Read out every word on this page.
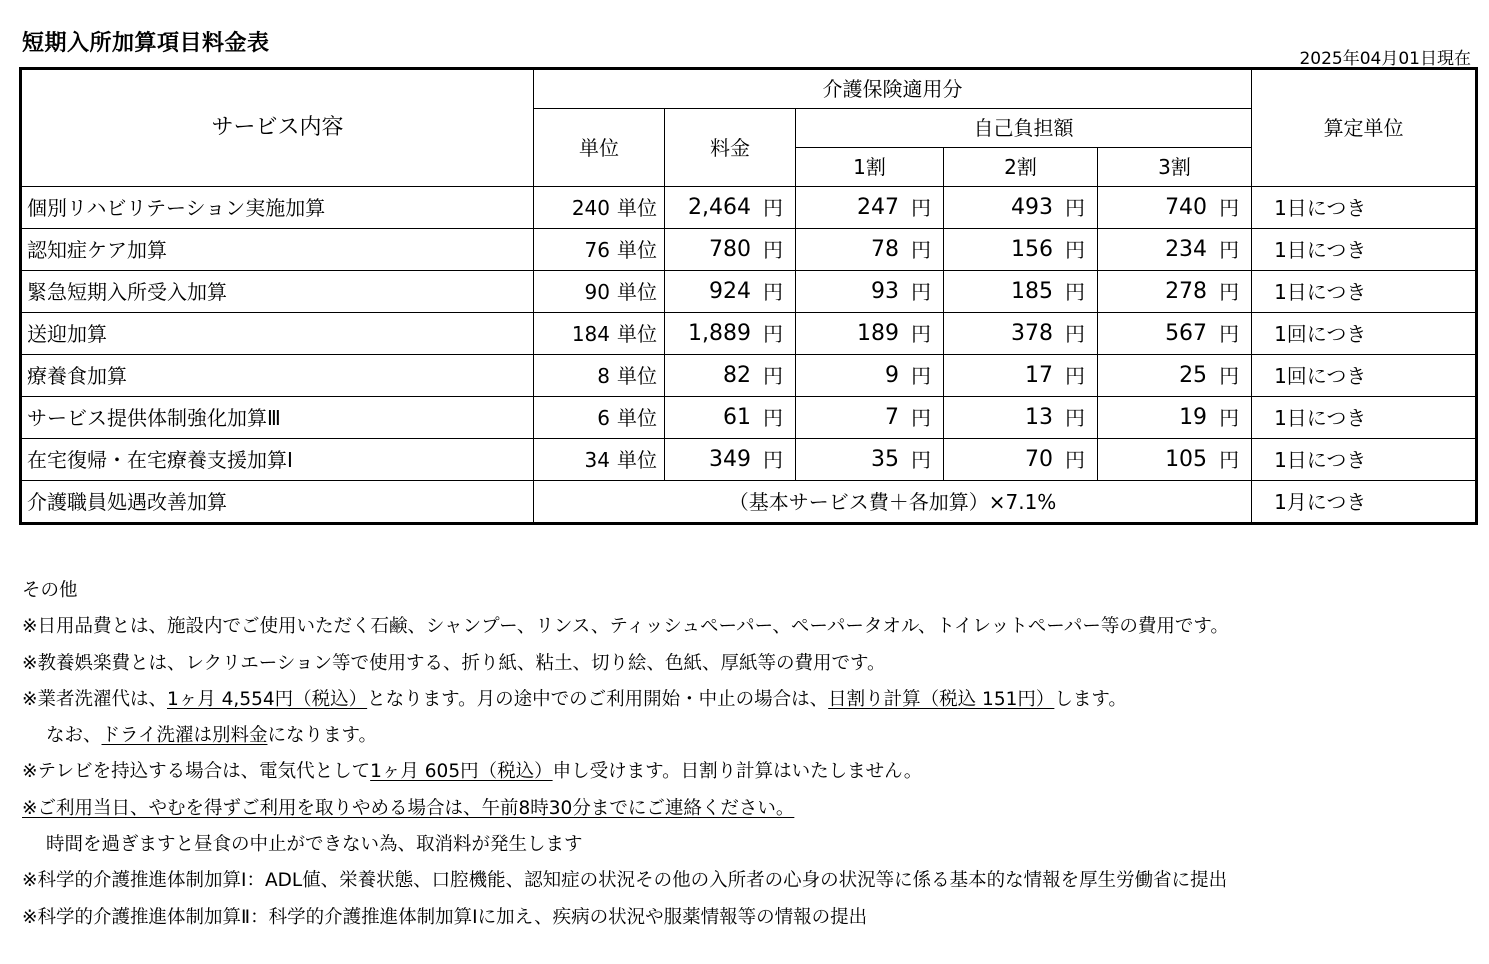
短期入所加算項目料金表
2025年04月01日現在
サービス内容	介護保険適用分					算定単位
	単位	料金	自己負担額			
			1割	2割	3割	
個別リハビリテーション実施加算	240 単位	2,464 円	247 円	493 円	740 円	1日につき
認知症ケア加算	76 単位	780 円	78 円	156 円	234 円	1日につき
緊急短期入所受入加算	90 単位	924 円	93 円	185 円	278 円	1日につき
送迎加算	184 単位	1,889 円	189 円	378 円	567 円	1回につき
療養食加算	8 単位	82 円	9 円	17 円	25 円	1回につき
サービス提供体制強化加算Ⅲ	6 単位	61 円	7 円	13 円	19 円	1日につき
在宅復帰・在宅療養支援加算Ⅰ	34 単位	349 円	35 円	70 円	105 円	1日につき
介護職員処遇改善加算	（基本サービス費＋各加算）×7.1%					1月につき
その他
※日用品費とは、施設内でご使用いただく石鹸、シャンプー、リンス、ティッシュペーパー、ペーパータオル、トイレットペーパー等の費用です。
※教養娯楽費とは、レクリエーション等で使用する、折り紙、粘土、切り絵、色紙、厚紙等の費用です。
※業者洗濯代は、1ヶ月 4,554円（税込）となります。月の途中でのご利用開始・中止の場合は、日割り計算（税込 151円）します。
なお、ドライ洗濯は別料金になります。
※テレビを持込する場合は、電気代として1ヶ月 605円（税込）申し受けます。日割り計算はいたしません。
※ご利用当日、やむを得ずご利用を取りやめる場合は、午前8時30分までにご連絡ください。
時間を過ぎますと昼食の中止ができない為、取消料が発生します
※科学的介護推進体制加算Ⅰ：ADL値、栄養状態、口腔機能、認知症の状況その他の入所者の心身の状況等に係る基本的な情報を厚生労働省に提出
※科学的介護推進体制加算Ⅱ：科学的介護推進体制加算Ⅰに加え、疾病の状況や服薬情報等の情報の提出
